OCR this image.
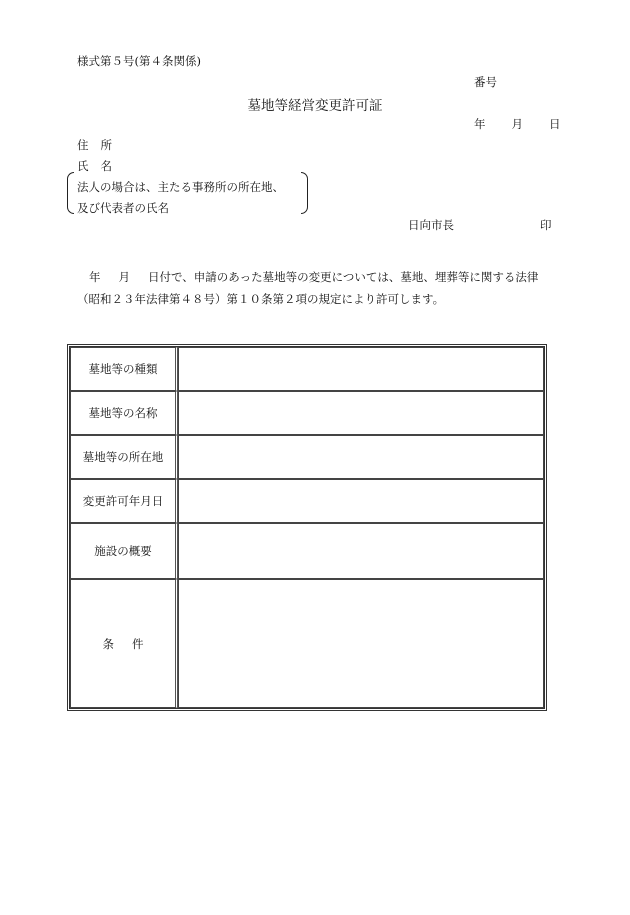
様式第５号(第４条関係)
番号
墓地等経営変更許可証
年 月 日
住 所
氏 名
法人の場合は、主たる事務所の所在地、
及び代表者の氏名
日向市長	印
年 月 日付で、申請のあった墓地等の変更については、墓地、埋葬等に関する法律（昭和２３年法律第４８号）第１０条第２項の規定により許可します。
墓地等の種類	
墓地等の名称	
墓地等の所在地	
変更許可年月日	
施設の概要	
条 件	
